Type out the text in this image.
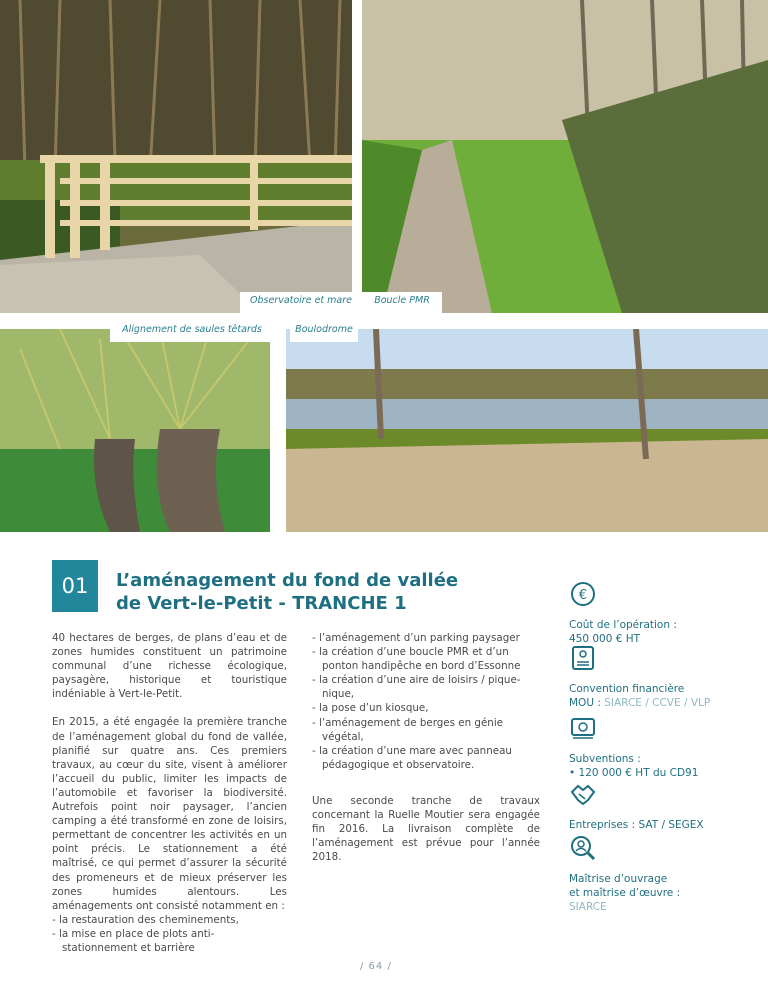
Observatoire et mare	Boucle PMR
Alignement de saules têtards	Boulodrome
01 L’aménagement du fond de vallée
de Vert-le-Petit - TRANCHE 1

40 hectares de berges, de plans d’eau et de zones humides constituent un patrimoine communal d’une richesse écologique, paysagère, historique et touristique indéniable à Vert-le-Petit.

En 2015, a été engagée la première tranche de l’aménagement global du fond de vallée, planifié sur quatre ans. Ces premiers travaux, au cœur du site, visent à améliorer l’accueil du public, limiter les impacts de l’automobile et favoriser la biodiversité. Autrefois point noir paysager, l’ancien camping a été transformé en zone de loisirs, permettant de concentrer les activités en un point précis. Le stationnement a été maîtrisé, ce qui permet d’assurer la sécurité des promeneurs et de mieux préserver les zones humides alentours. Les aménagements ont consisté notamment en :

- la restauration des cheminements,
- la mise en place de plots anti-stationnement et barrière
- l’aménagement d’un parking paysager
- la création d’une boucle PMR et d’un ponton handipêche en bord d’Essonne
- la création d’une aire de loisirs / pique-nique,
- la pose d’un kiosque,
- l’aménagement de berges en génie végétal,
- la création d’une mare avec panneau pédagogique et observatoire.

Une seconde tranche de travaux concernant la Ruelle Moutier sera engagée fin 2016. La livraison complète de l’aménagement est prévue pour l’année 2018.

€
Coût de l’opération :
450 000 € HT
Convention financière
MOU : SIARCE / CCVE / VLP
Subventions :
• 120 000 € HT du CD91
Entreprises : SAT / SEGEX
Maîtrise d’ouvrage
et maîtrise d’œuvre :
SIARCE
/ 64 /
